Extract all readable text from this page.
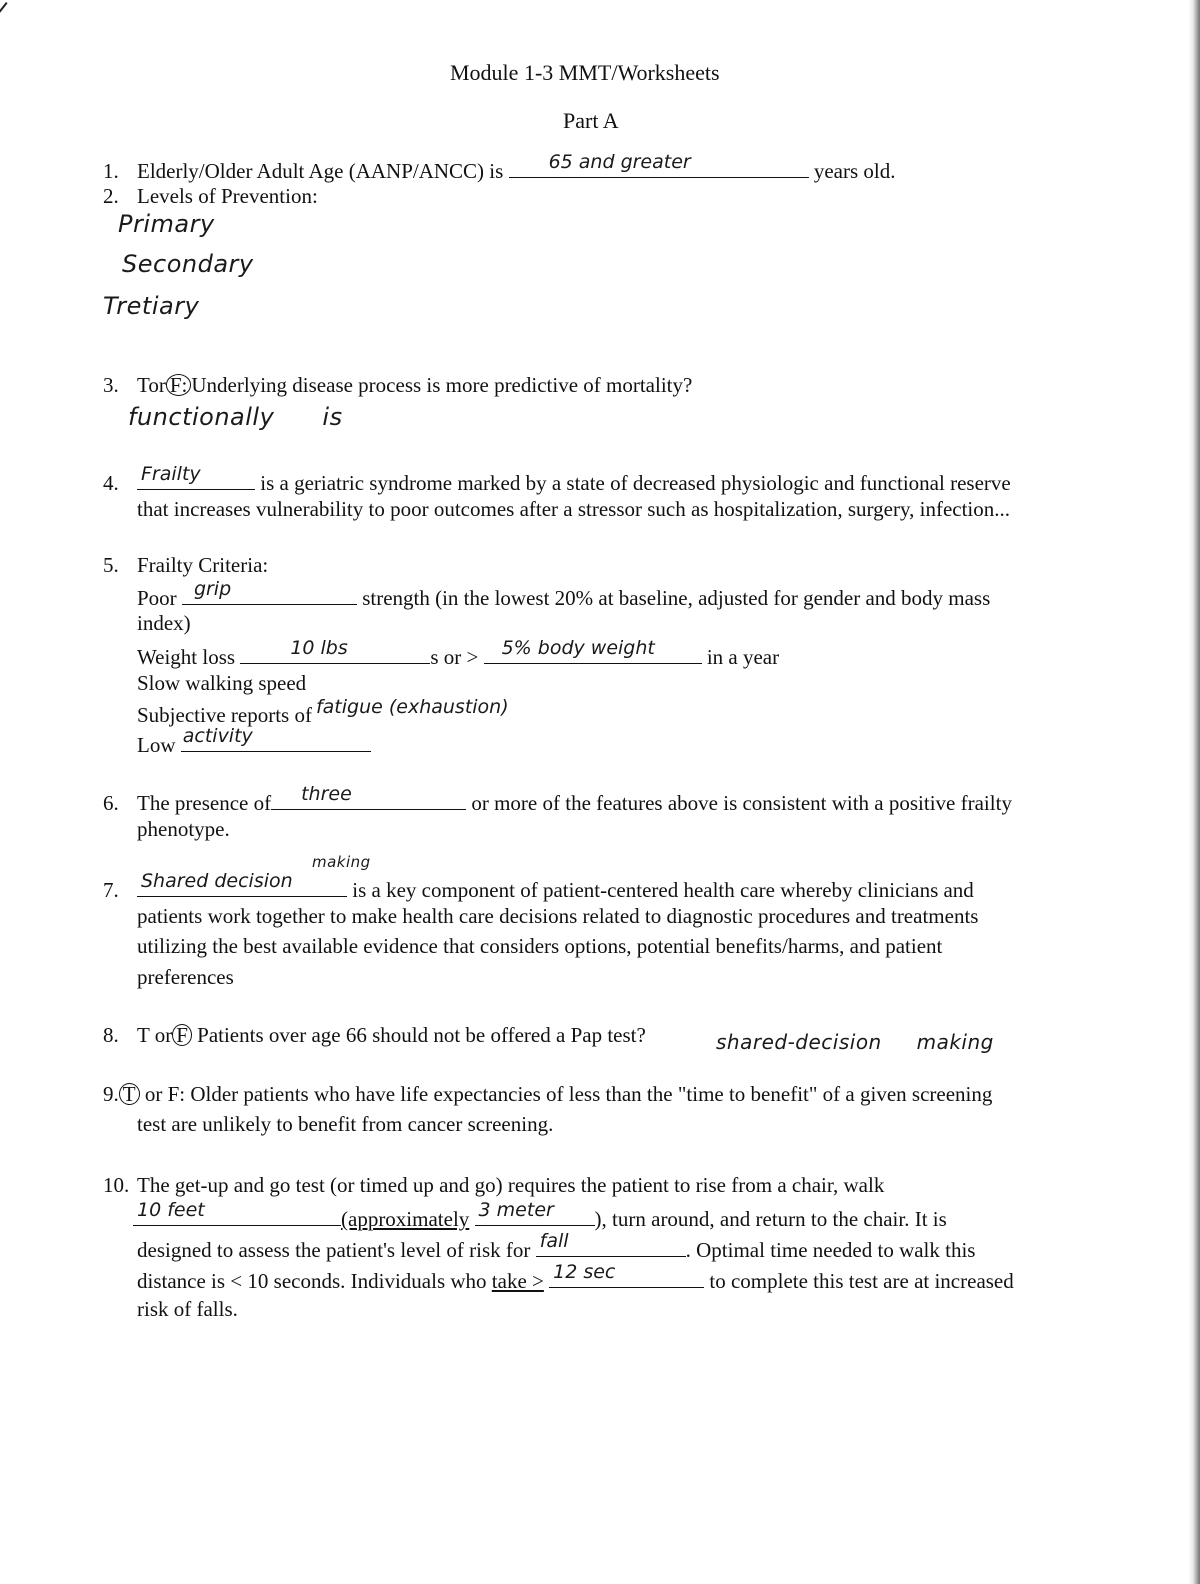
Module 1-3 MMT/Worksheets
Part A
1. Elderly/Older Adult Age (AANP/ANCC) is 65 and greater	years old.
2. Levels of Prevention:
Primary
Secondary
Tretiary
3. Tor F: Underlying disease process is more predictive of mortality?
functionally is
4. Frailty	is a geriatric syndrome marked by a state of decreased physiologic and functional reserve
that increases vulnerability to poor outcomes after a stressor such as hospitalization, surgery, infection...
5. Frailty Criteria:
Poor grip	strength (in the lowest 20% at baseline, adjusted for gender and body mass
index)
Weight loss	10 lbs	s or > 5% body weight in a year
Slow walking speed
Subjective reports of fatigue (exhaustion)
Low activity
6. The presence of three	or more of the features above is consistent with a positive frailty
phenotype.
making
7. Shared decision	is a key component of patient-centered health care whereby clinicians and
patients work together to make health care decisions related to diagnostic procedures and treatments
utilizing the best available evidence that considers options, potential benefits/harms, and patient
preferences
8. T or F Patients over age 66 should not be offered a Pap test?	shared-decision making
9. T or F: Older patients who have life expectancies of less than the "time to benefit" of a given screening
test are unlikely to benefit from cancer screening.
10. The get-up and go test (or timed up and go) requires the patient to rise from a chair, walk
10 feet	(approximately 3 meter ), turn around, and return to the chair. It is
designed to assess the patient's level of risk for fall	. Optimal time needed to walk this
distance is < 10 seconds. Individuals who take > 12 sec	to complete this test are at increased
risk of falls.
